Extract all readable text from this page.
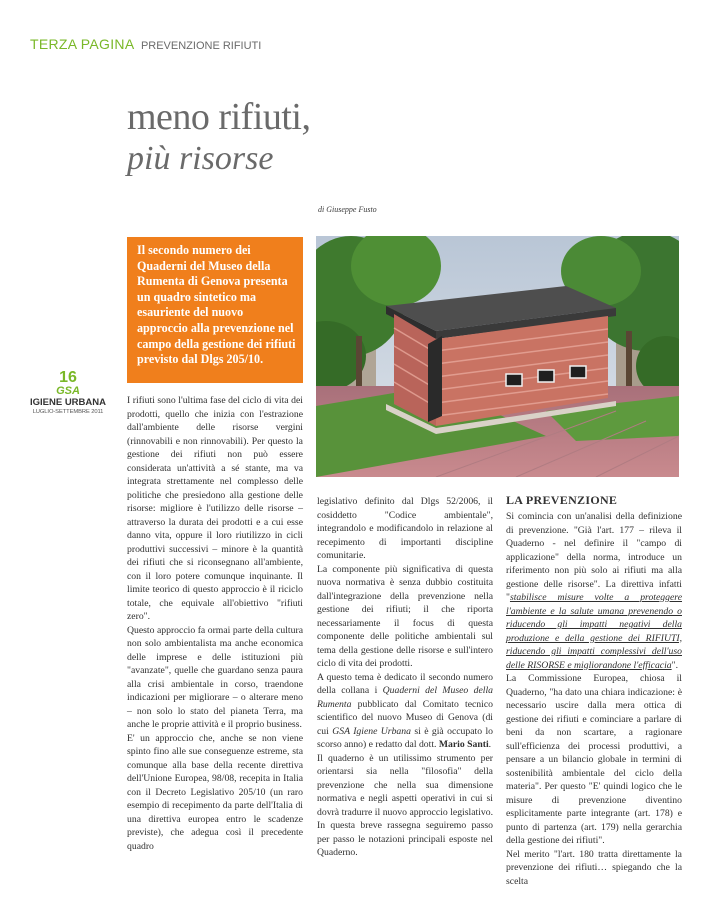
TERZA PAGINA PREVENZIONE RIFIUTI
meno rifiuti,
più risorse
di Giuseppe Fusto

Il secondo numero dei Quaderni del Museo della Rumenta di Genova presenta un quadro sintetico ma esauriente del nuovo approccio alla prevenzione nel campo della gestione dei rifiuti previsto dal Dlgs 205/10.

16
GSA
IGIENE URBANA
LUGLIO-SETTEMBRE 2011

I rifiuti sono l'ultima fase del ciclo di vita dei prodotti, quello che inizia con l'estrazione dall'ambiente delle risorse vergini (rinnovabili e non rinnovabili). Per questo la gestione dei rifiuti non può essere considerata un'attività a sé stante, ma va integrata strettamente nel complesso delle politiche che presiedono alla gestione delle risorse: migliore è l'utilizzo delle risorse – attraverso la durata dei prodotti e a cui esse danno vita, oppure il loro riutilizzo in cicli produttivi successivi – minore è la quantità dei rifiuti che si riconsegnano all'ambiente, con il loro potere comunque inquinante. Il limite teorico di questo approccio è il riciclo totale, che equivale all'obiettivo "rifiuti zero".

Questo approccio fa ormai parte della cultura non solo ambientalista ma anche economica delle imprese e delle istituzioni più "avanzate", quelle che guardano senza paura alla crisi ambientale in corso, traendone indicazioni per migliorare – o alterare meno – non solo lo stato del pianeta Terra, ma anche le proprie attività e il proprio business.

E' un approccio che, anche se non viene spinto fino alle sue conseguenze estreme, sta comunque alla base della recente direttiva dell'Unione Europea, 98/08, recepita in Italia con il Decreto Legislativo 205/10 (un raro esempio di recepimento da parte dell'Italia di una direttiva europea entro le scadenze previste), che adegua così il precedente quadro

legislativo definito dal Dlgs 52/2006, il cosiddetto "Codice ambientale", integrandolo e modificandolo in relazione al recepimento di importanti discipline comunitarie.

La componente più significativa di questa nuova normativa è senza dubbio costituita dall'integrazione della prevenzione nella gestione dei rifiuti; il che riporta necessariamente il focus di questa componente delle politiche ambientali sul tema della gestione delle risorse e sull'intero ciclo di vita dei prodotti.

A questo tema è dedicato il secondo numero della collana i Quaderni del Museo della Rumenta pubblicato dal Comitato tecnico scientifico del nuovo Museo di Genova (di cui GSA Igiene Urbana si è già occupato lo scorso anno) e redatto dal dott. Mario Santi.

Il quaderno è un utilissimo strumento per orientarsi sia nella "filosofia" della prevenzione che nella sua dimensione normativa e negli aspetti operativi in cui si dovrà tradurre il nuovo approccio legislativo. In questa breve rassegna seguiremo passo per passo le notazioni principali esposte nel Quaderno.

LA PREVENZIONE

Si comincia con un'analisi della definizione di prevenzione. "Già l'art. 177 – rileva il Quaderno - nel definire il "campo di applicazione" della norma, introduce un riferimento non più solo ai rifiuti ma alla gestione delle risorse". La direttiva infatti "stabilisce misure volte a proteggere l'ambiente e la salute umana prevenendo o riducendo gli impatti negativi della produzione e della gestione dei RIFIUTI, riducendo gli impatti complessivi dell'uso delle RISORSE e migliorandone l'efficacia".

La Commissione Europea, chiosa il Quaderno, "ha dato una chiara indicazione: è necessario uscire dalla mera ottica di gestione dei rifiuti e cominciare a parlare di beni da non scartare, a ragionare sull'efficienza dei processi produttivi, a pensare a un bilancio globale in termini di sostenibilità ambientale del ciclo della materia". Per questo "E' quindi logico che le misure di prevenzione diventino esplicitamente parte integrante (art. 178) e punto di partenza (art. 179) nella gerarchia della gestione dei rifiuti".

Nel merito "l'art. 180 tratta direttamente la prevenzione dei rifiuti… spiegando che la scelta
